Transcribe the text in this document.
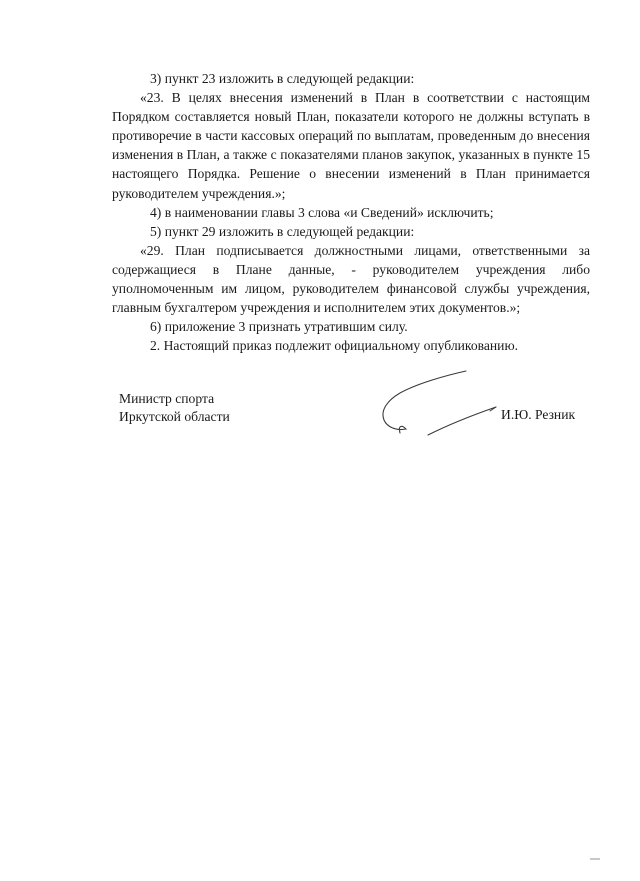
3) пункт 23 изложить в следующей редакции:

«23. В целях внесения изменений в План в соответствии с настоящим Порядком составляется новый План, показатели которого не должны вступать в противоречие в части кассовых операций по выплатам, проведенным до внесения изменения в План, а также с показателями планов закупок, указанных в пункте 15 настоящего Порядка. Решение о внесении изменений в План принимается руководителем учреждения.»;

4) в наименовании главы 3 слова «и Сведений» исключить;

5) пункт 29 изложить в следующей редакции:

«29. План подписывается должностными лицами, ответственными за содержащиеся в Плане данные, - руководителем учреждения либо уполномоченным им лицом, руководителем финансовой службы учреждения, главным бухгалтером учреждения и исполнителем этих документов.»;

6) приложение 3 признать утратившим силу.

2. Настоящий приказ подлежит официальному опубликованию.

Министр спорта
Иркутской области	И.Ю. Резник
